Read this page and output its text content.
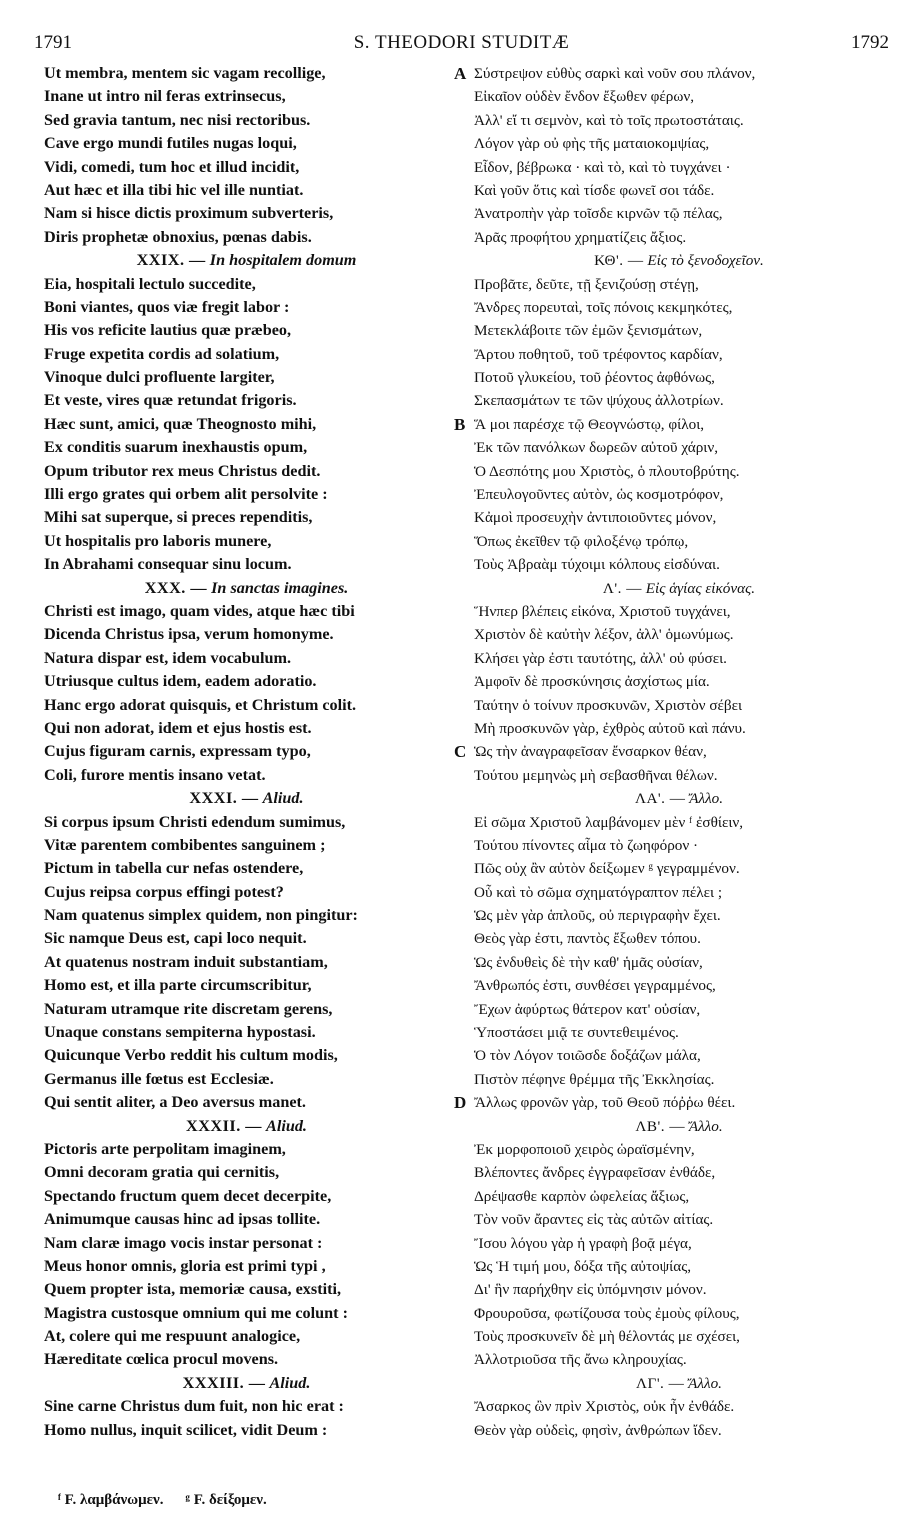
1791	S. THEODORI STUDITÆ	1792
Ut membra, mentem sic vagam recollige,
Inane ut intro nil feras extrinsecus,
Sed gravia tantum, nec nisi rectoribus.
Cave ergo mundi futiles nugas loqui,
Vidi, comedi, tum hoc et illud incidit,
Aut hæc et illa tibi hic vel ille nuntiat.
Nam si hisce dictis proximum subverteris,
Diris prophetæ obnoxius, pœnas dabis.
XXIX. — In hospitalem domum
Eia, hospitali lectulo succedite,
Boni viantes, quos viæ fregit labor :
His vos reficite lautius quæ præbeo,
Fruge expetita cordis ad solatium,
Vinoque dulci profluente largiter,
Et veste, vires quæ retundat frigoris.
Hæc sunt, amici, quæ Theognosto mihi,
Ex conditis suarum inexhaustis opum,
Opum tributor rex meus Christus dedit.
Illi ergo grates qui orbem alit persolvite :
Mihi sat superque, si preces rependitis,
Ut hospitalis pro laboris munere,
In Abrahami consequar sinu locum.
XXX. — In sanctas imagines.
Christi est imago, quam vides, atque hæc tibi
Dicenda Christus ipsa, verum homonyme.
Natura dispar est, idem vocabulum.
Utriusque cultus idem, eadem adoratio.
Hanc ergo adorat quisquis, et Christum colit.
Qui non adorat, idem et ejus hostis est.
Cujus figuram carnis, expressam typo,
Coli, furore mentis insano vetat.
XXXI. — Aliud.
Si corpus ipsum Christi edendum sumimus,
Vitæ parentem combibentes sanguinem ;
Pictum in tabella cur nefas ostendere,
Cujus reipsa corpus effingi potest?
Nam quatenus simplex quidem, non pingitur:
Sic namque Deus est, capi loco nequit.
At quatenus nostram induit substantiam,
Homo est, et illa parte circumscribitur,
Naturam utramque rite discretam gerens,
Unaque constans sempiterna hypostasi.
Quicunque Verbo reddit his cultum modis,
Germanus ille fœtus est Ecclesiæ.
Qui sentit aliter, a Deo aversus manet.
XXXII. — Aliud.
Pictoris arte perpolitam imaginem,
Omni decoram gratia qui cernitis,
Spectando fructum quem decet decerpite,
Animumque causas hinc ad ipsas tollite.
Nam claræ imago vocis instar personat :
Meus honor omnis, gloria est primi typi ,
Quem propter ista, memoriæ causa, exstiti,
Magistra custosque omnium qui me colunt :
At, colere qui me respuunt analogice,
Hæreditate cœlica procul movens.
XXXIII. — Aliud.
Sine carne Christus dum fuit, non hic erat :
Homo nullus, inquit scilicet, vidit Deum :
A Σύστρεψον εὐθὺς σαρκὶ καὶ νοῦν σου πλάνον,
Εἰκαῖον οὐδὲν ἔνδον ἔξωθεν φέρων,
Ἀλλ' εἴ τι σεμνὸν, καὶ τὸ τοῖς πρωτοστάταις.
Λόγον γὰρ οὐ φὴς τῆς ματαιοκομψίας,
Εἶδον, βέβρωκα · καὶ τὸ, καὶ τὸ τυγχάνει ·
Καὶ γοῦν ὅτις καὶ τίσδε φωνεῖ σοι τάδε.
Ἀνατροπὴν γὰρ τοῖσδε κιρνῶν τῷ πέλας,
Ἀρᾶς προφήτου χρηματίζεις ἄξιος.
ΚΘ'. — Εἰς τὸ ξενοδοχεῖον.
Προβᾶτε, δεῦτε, τῇ ξενιζούσῃ στέγῃ,
Ἄνδρες πορευταὶ, τοῖς πόνοις κεκμηκότες,
Μετεκλάβοιτε τῶν ἐμῶν ξενισμάτων,
Ἄρτου ποθητοῦ, τοῦ τρέφοντος καρδίαν,
Ποτοῦ γλυκείου, τοῦ ῥέοντος ἀφθόνως,
Σκεπασμάτων τε τῶν ψύχους ἀλλοτρίων.
B Ἅ μοι παρέσχε τῷ Θεογνώστῳ, φίλοι,
Ἐκ τῶν πανόλκων δωρεῶν αὐτοῦ χάριν,
Ὁ Δεσπότης μου Χριστὸς, ὁ πλουτοβρύτης.
Ἐπευλογοῦντες αὐτὸν, ὡς κοσμοτρόφον,
Κἀμοὶ προσευχὴν ἀντιποιοῦντες μόνον,
Ὅπως ἐκεῖθεν τῷ φιλοξένῳ τρόπῳ,
Τοὺς Ἀβραὰμ τύχοιμι κόλπους εἰσδύναι.
Λ'. — Εἰς ἁγίας εἰκόνας.
Ἥνπερ βλέπεις εἰκόνα, Χριστοῦ τυγχάνει,
Χριστὸν δὲ καὐτὴν λέξον, ἀλλ' ὁμωνύμως.
Κλήσει γὰρ ἐστι ταυτότης, ἀλλ' οὐ φύσει.
Ἀμφοῖν δὲ προσκύνησις ἀσχίστως μία.
Ταύτην ὁ τοίνυν προσκυνῶν, Χριστὸν σέβει
Μὴ προσκυνῶν γὰρ, ἐχθρὸς αὐτοῦ καὶ πάνυ.
C Ὡς τὴν ἀναγραφεῖσαν ἔνσαρκον θέαν,
Τούτου μεμηνὼς μὴ σεβασθῆναι θέλων.
ΛΑ'. — Ἄλλο.
Εἰ σῶμα Χριστοῦ λαμβάνομεν μὲν ᶠ ἐσθίειν,
Τούτου πίνοντες αἷμα τὸ ζωηφόρον ·
Πῶς οὐχ ἂν αὐτὸν δείξωμεν ᵍ γεγραμμένον.
Οὗ καὶ τὸ σῶμα σχηματόγραπτον πέλει ;
Ὡς μὲν γὰρ ἁπλοῦς, οὐ περιγραφὴν ἔχει.
Θεὸς γὰρ ἐστι, παντὸς ἔξωθεν τόπου.
Ὡς ἐνδυθεὶς δὲ τὴν καθ' ἡμᾶς οὐσίαν,
Ἄνθρωπός ἐστι, συνθέσει γεγραμμένος,
Ἔχων ἀφύρτως θάτερον κατ' οὐσίαν,
Ὑποστάσει μιᾷ τε συντεθειμένος.
Ὁ τὸν Λόγον τοιῶσδε δοξάζων μάλα,
Πιστὸν πέφηνε θρέμμα τῆς Ἐκκλησίας.
D Ἄλλως φρονῶν γὰρ, τοῦ Θεοῦ πόῤῥω θέει.
ΛΒ'. — Ἄλλο.
Ἐκ μορφοποιοῦ χειρὸς ὡραϊσμένην,
Βλέποντες ἄνδρες ἐγγραφεῖσαν ἐνθάδε,
Δρέψασθε καρπὸν ὠφελείας ἄξιως,
Τὸν νοῦν ἄραντες εἰς τὰς αὐτῶν αἰτίας.
Ἴσου λόγου γὰρ ἡ γραφὴ βοᾷ μέγα,
Ὡς Ἡ τιμή μου, δόξα τῆς αὐτοψίας,
Δι' ἣν παρήχθην εἰς ὑπόμνησιν μόνον.
Φρουροῦσα, φωτίζουσα τοὺς ἐμοὺς φίλους,
Τοὺς προσκυνεῖν δὲ μὴ θέλοντάς με σχέσει,
Ἀλλοτριοῦσα τῆς ἄνω κληρουχίας.
ΛΓ'. — Ἄλλο.
Ἄσαρκος ὢν πρὶν Χριστὸς, οὐκ ἦν ἐνθάδε.
Θεὸν γὰρ οὐδεὶς, φησὶν, ἀνθρώπων ἴδεν.
ᶠ F. λαμβάνωμεν. ᵍ F. δείξομεν.
